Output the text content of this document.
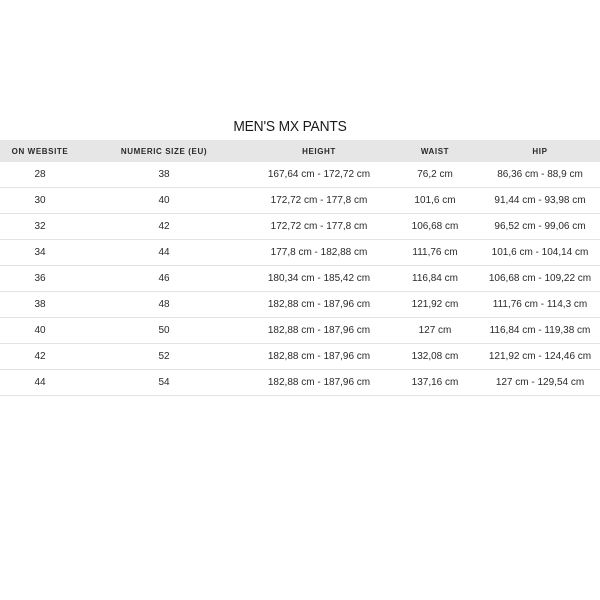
MEN'S MX PANTS
ON WEBSITE	NUMERIC SIZE (EU)	HEIGHT	WAIST	HIP
28	38	167,64 cm - 172,72 cm	76,2 cm	86,36 cm - 88,9 cm
30	40	172,72 cm - 177,8 cm	101,6 cm	91,44 cm - 93,98 cm
32	42	172,72 cm - 177,8 cm	106,68 cm	96,52 cm - 99,06 cm
34	44	177,8 cm - 182,88 cm	111,76 cm	101,6 cm - 104,14 cm
36	46	180,34 cm - 185,42 cm	116,84 cm	106,68 cm - 109,22 cm
38	48	182,88 cm - 187,96 cm	121,92 cm	111,76 cm - 114,3 cm
40	50	182,88 cm - 187,96 cm	127 cm	116,84 cm - 119,38 cm
42	52	182,88 cm - 187,96 cm	132,08 cm	121,92 cm - 124,46 cm
44	54	182,88 cm - 187,96 cm	137,16 cm	127 cm - 129,54 cm
